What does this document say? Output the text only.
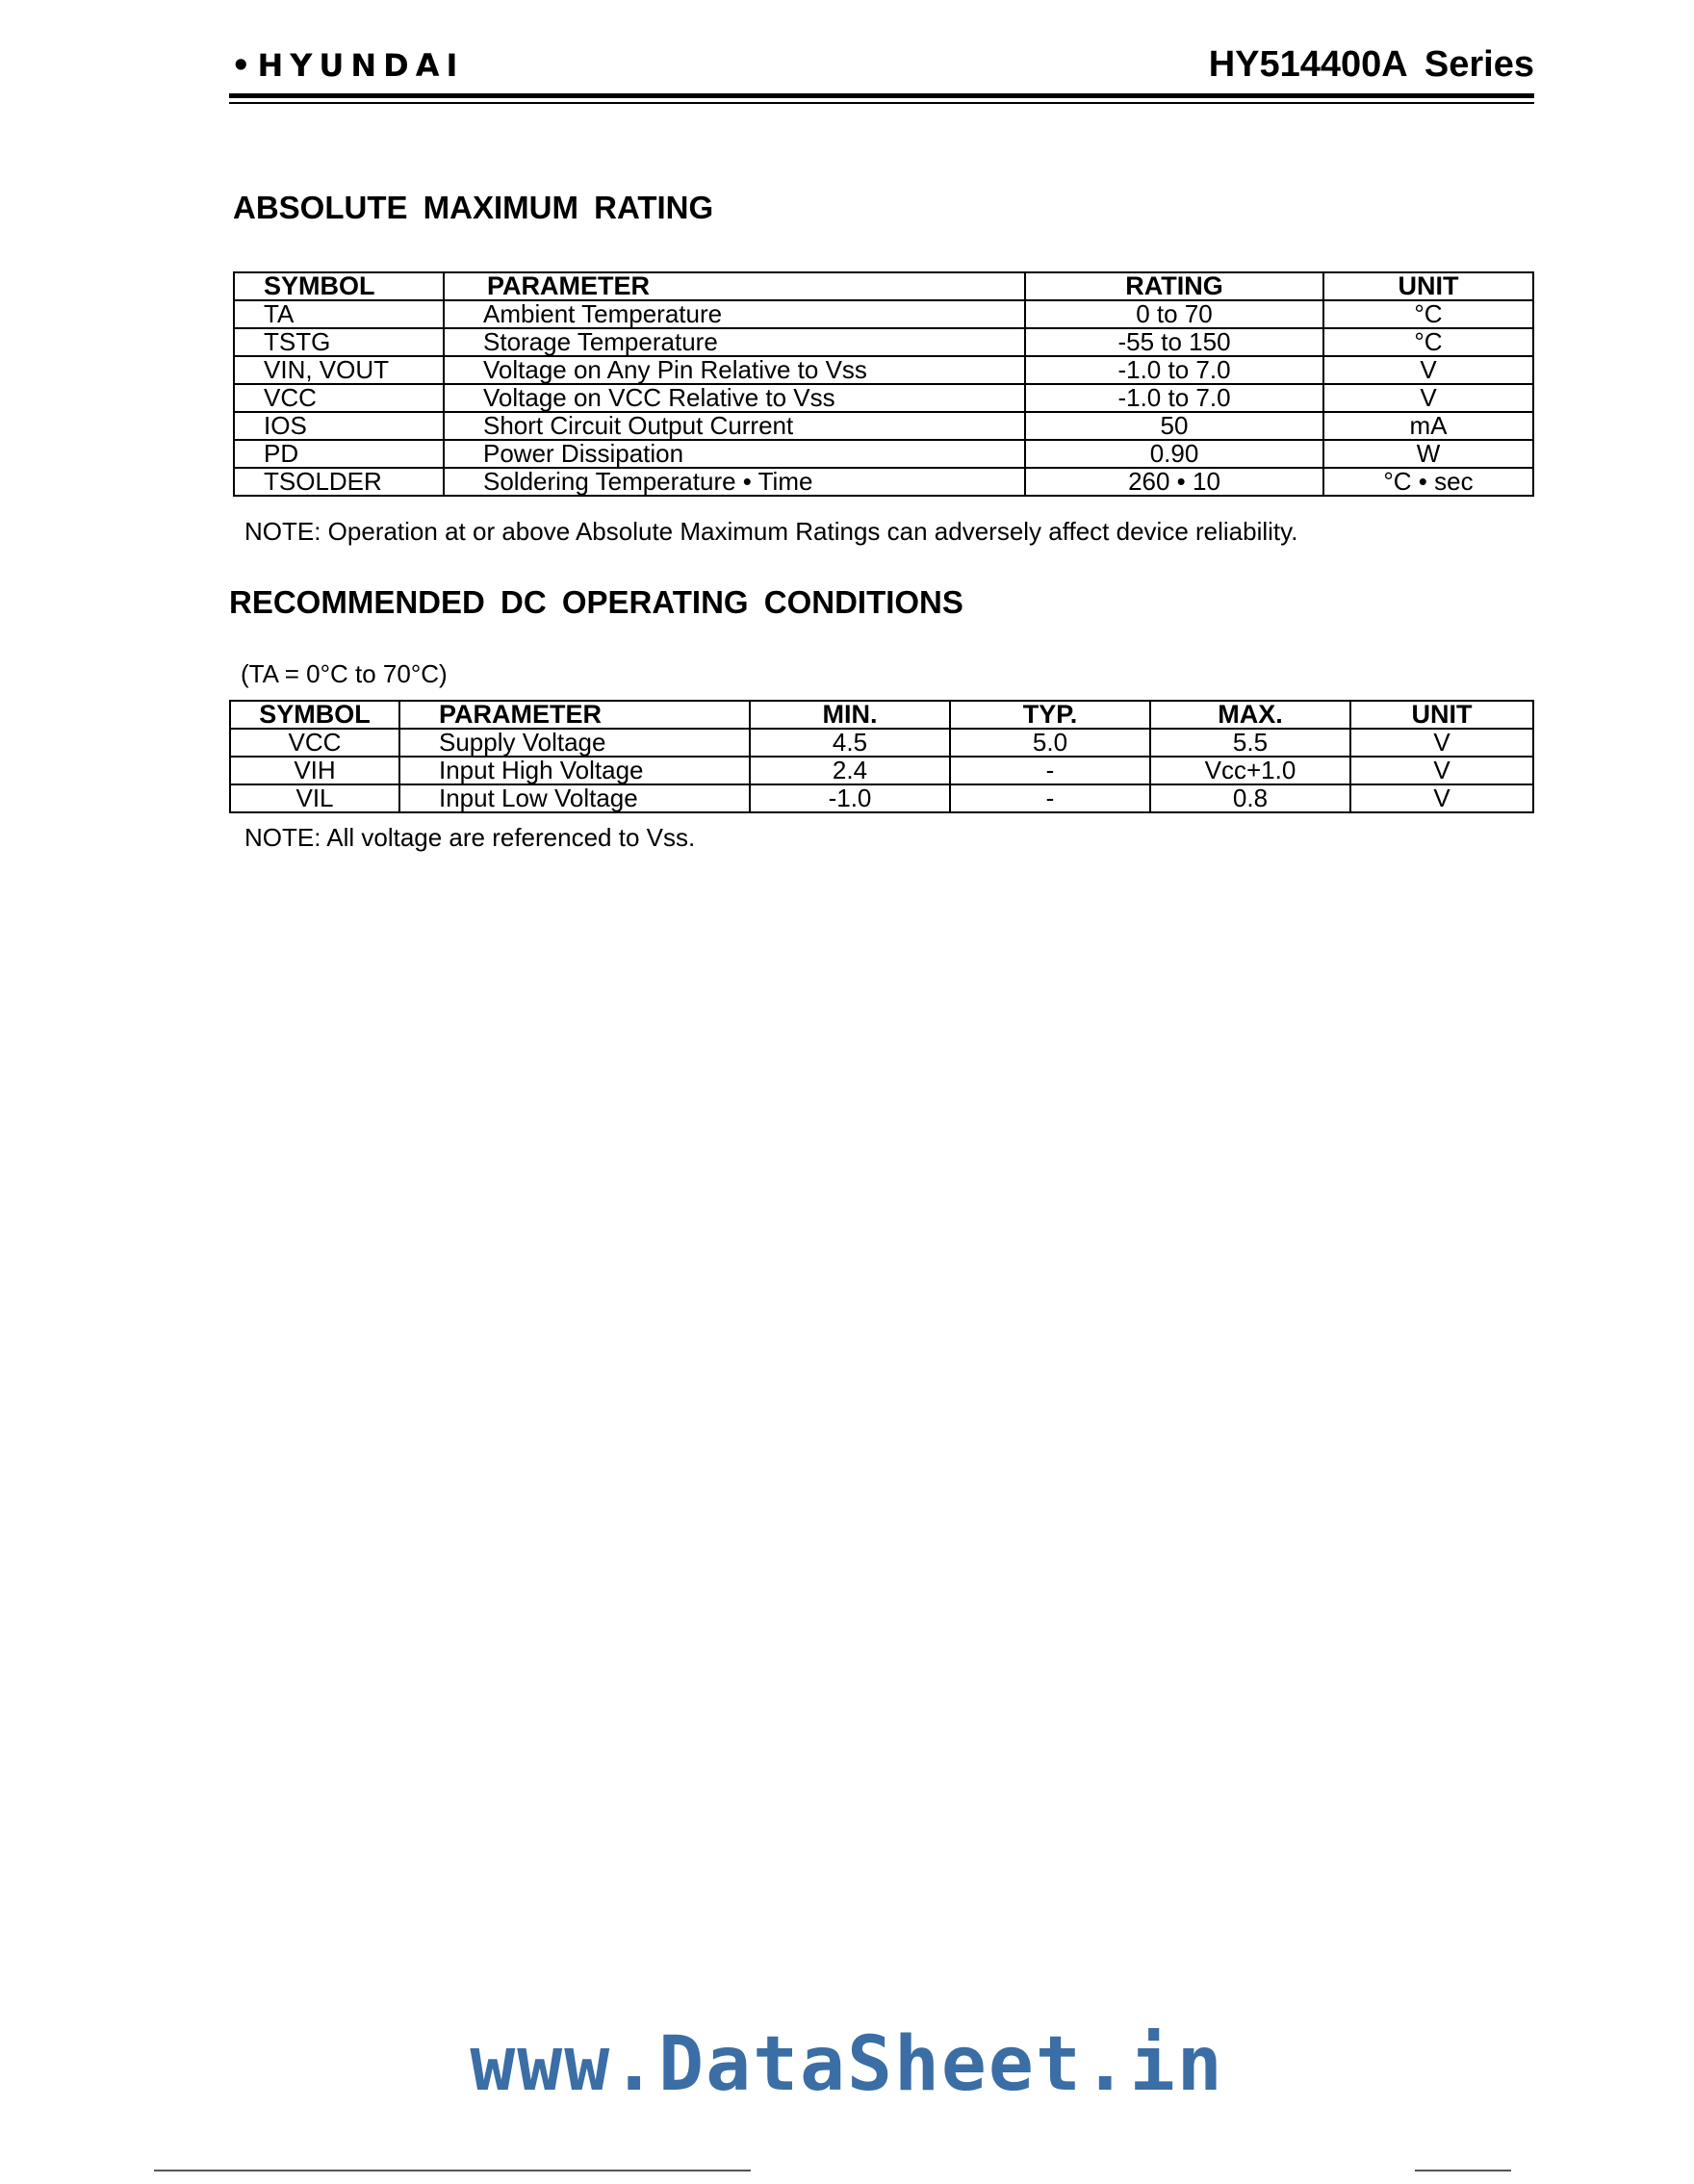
•HYUNDAI	HY514400A Series
ABSOLUTE MAXIMUM RATING
SYMBOL	PARAMETER	RATING	UNIT
TA	Ambient Temperature	0 to 70	°C
TSTG	Storage Temperature	-55 to 150	°C
VIN, VOUT	Voltage on Any Pin Relative to Vss	-1.0 to 7.0	V
VCC	Voltage on VCC Relative to Vss	-1.0 to 7.0	V
IOS	Short Circuit Output Current	50	mA
PD	Power Dissipation	0.90	W
TSOLDER	Soldering Temperature • Time	260 • 10	°C • sec
NOTE: Operation at or above Absolute Maximum Ratings can adversely affect device reliability.
RECOMMENDED DC OPERATING CONDITIONS
(TA = 0°C to 70°C)
SYMBOL	PARAMETER	MIN.	TYP.	MAX.	UNIT
VCC	Supply Voltage	4.5	5.0	5.5	V
VIH	Input High Voltage	2.4	-	Vcc+1.0	V
VIL	Input Low Voltage	-1.0	-	0.8	V
NOTE: All voltage are referenced to Vss.
www.DataSheet.in
